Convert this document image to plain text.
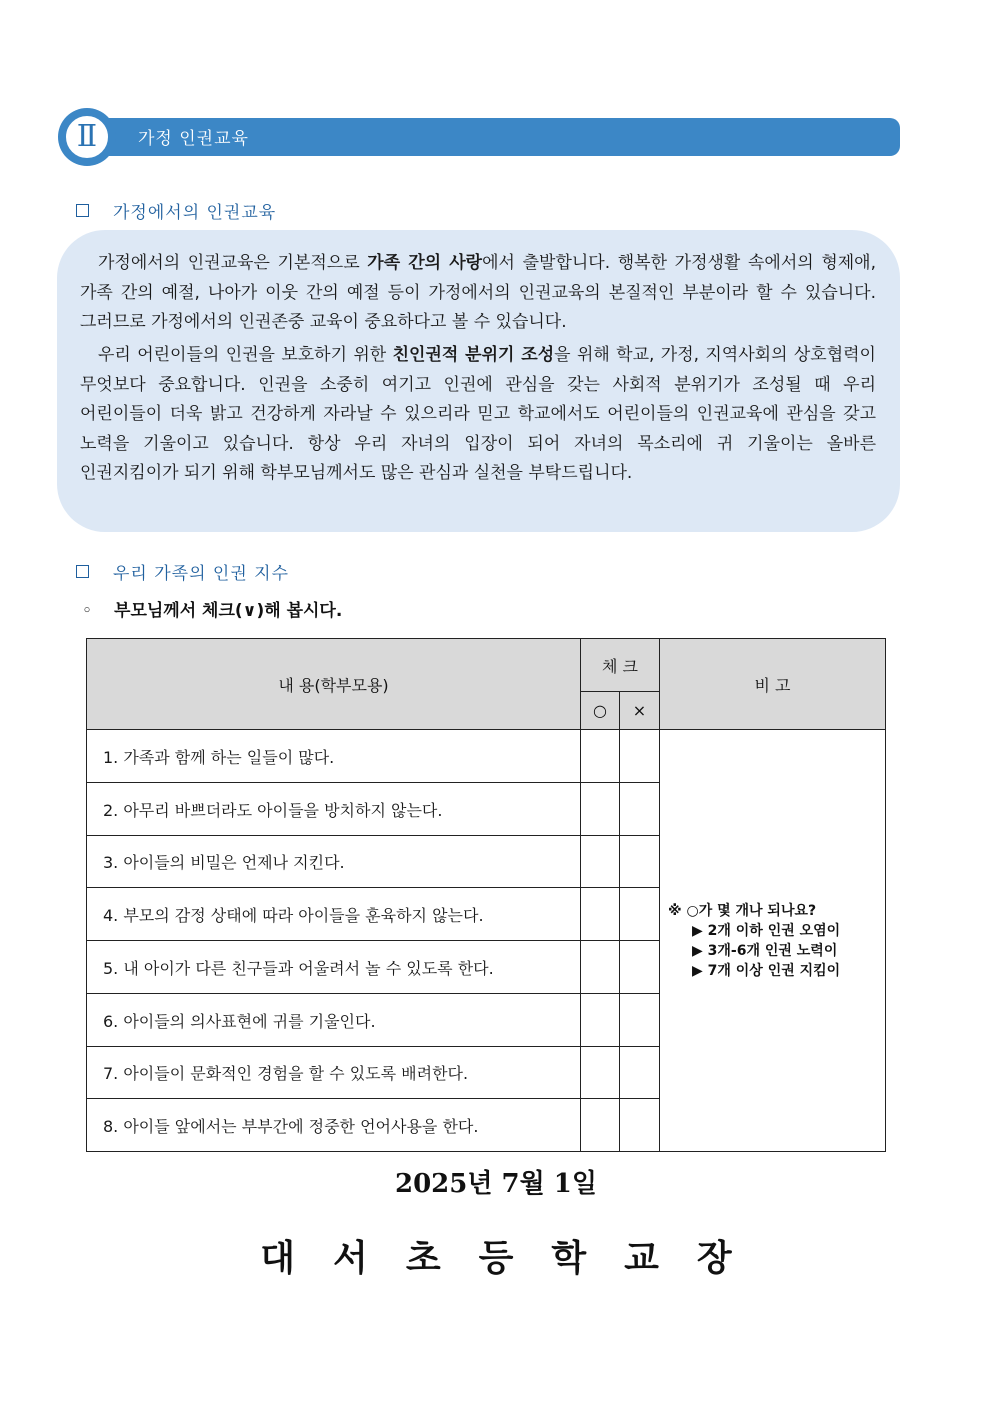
Ⅱ	가정 인권교육
가정에서의 인권교육
가정에서의 인권교육은 기본적으로 가족 간의 사랑에서 출발합니다. 행복한 가정생활 속에서의 형제애, 가족 간의 예절, 나아가 이웃 간의 예절 등이 가정에서의 인권교육의 본질적인 부분이라 할 수 있습니다. 그러므로 가정에서의 인권존중 교육이 중요하다고 볼 수 있습니다.
우리 어린이들의 인권을 보호하기 위한 친인권적 분위기 조성을 위해 학교, 가정, 지역사회의 상호협력이 무엇보다 중요합니다. 인권을 소중히 여기고 인권에 관심을 갖는 사회적 분위기가 조성될 때 우리 어린이들이 더욱 밝고 건강하게 자라날 수 있으리라 믿고 학교에서도 어린이들의 인권교육에 관심을 갖고 노력을 기울이고 있습니다. 항상 우리 자녀의 입장이 되어 자녀의 목소리에 귀 기울이는 올바른 인권지킴이가 되기 위해 학부모님께서도 많은 관심과 실천을 부탁드립니다.
우리 가족의 인권 지수
◦ 부모님께서 체크(∨)해 봅시다.
내 용(학부모용)	체 크		비 고
	○	×	
1. 가족과 함께 하는 일들이 많다.			※ ○가 몇 개나 되나요?
▶ 2개 이하 인권 오염이
▶ 3개-6개 인권 노력이
▶ 7개 이상 인권 지킴이

2. 아무리 바쁘더라도 아이들을 방치하지 않는다.			
3. 아이들의 비밀은 언제나 지킨다.			
4. 부모의 감정 상태에 따라 아이들을 훈육하지 않는다.			
5. 내 아이가 다른 친구들과 어울려서 놀 수 있도록 한다.			
6. 아이들의 의사표현에 귀를 기울인다.			
7. 아이들이 문화적인 경험을 할 수 있도록 배려한다.			
8. 아이들 앞에서는 부부간에 정중한 언어사용을 한다.			
2025년 7월 1일
대서초등학교장
